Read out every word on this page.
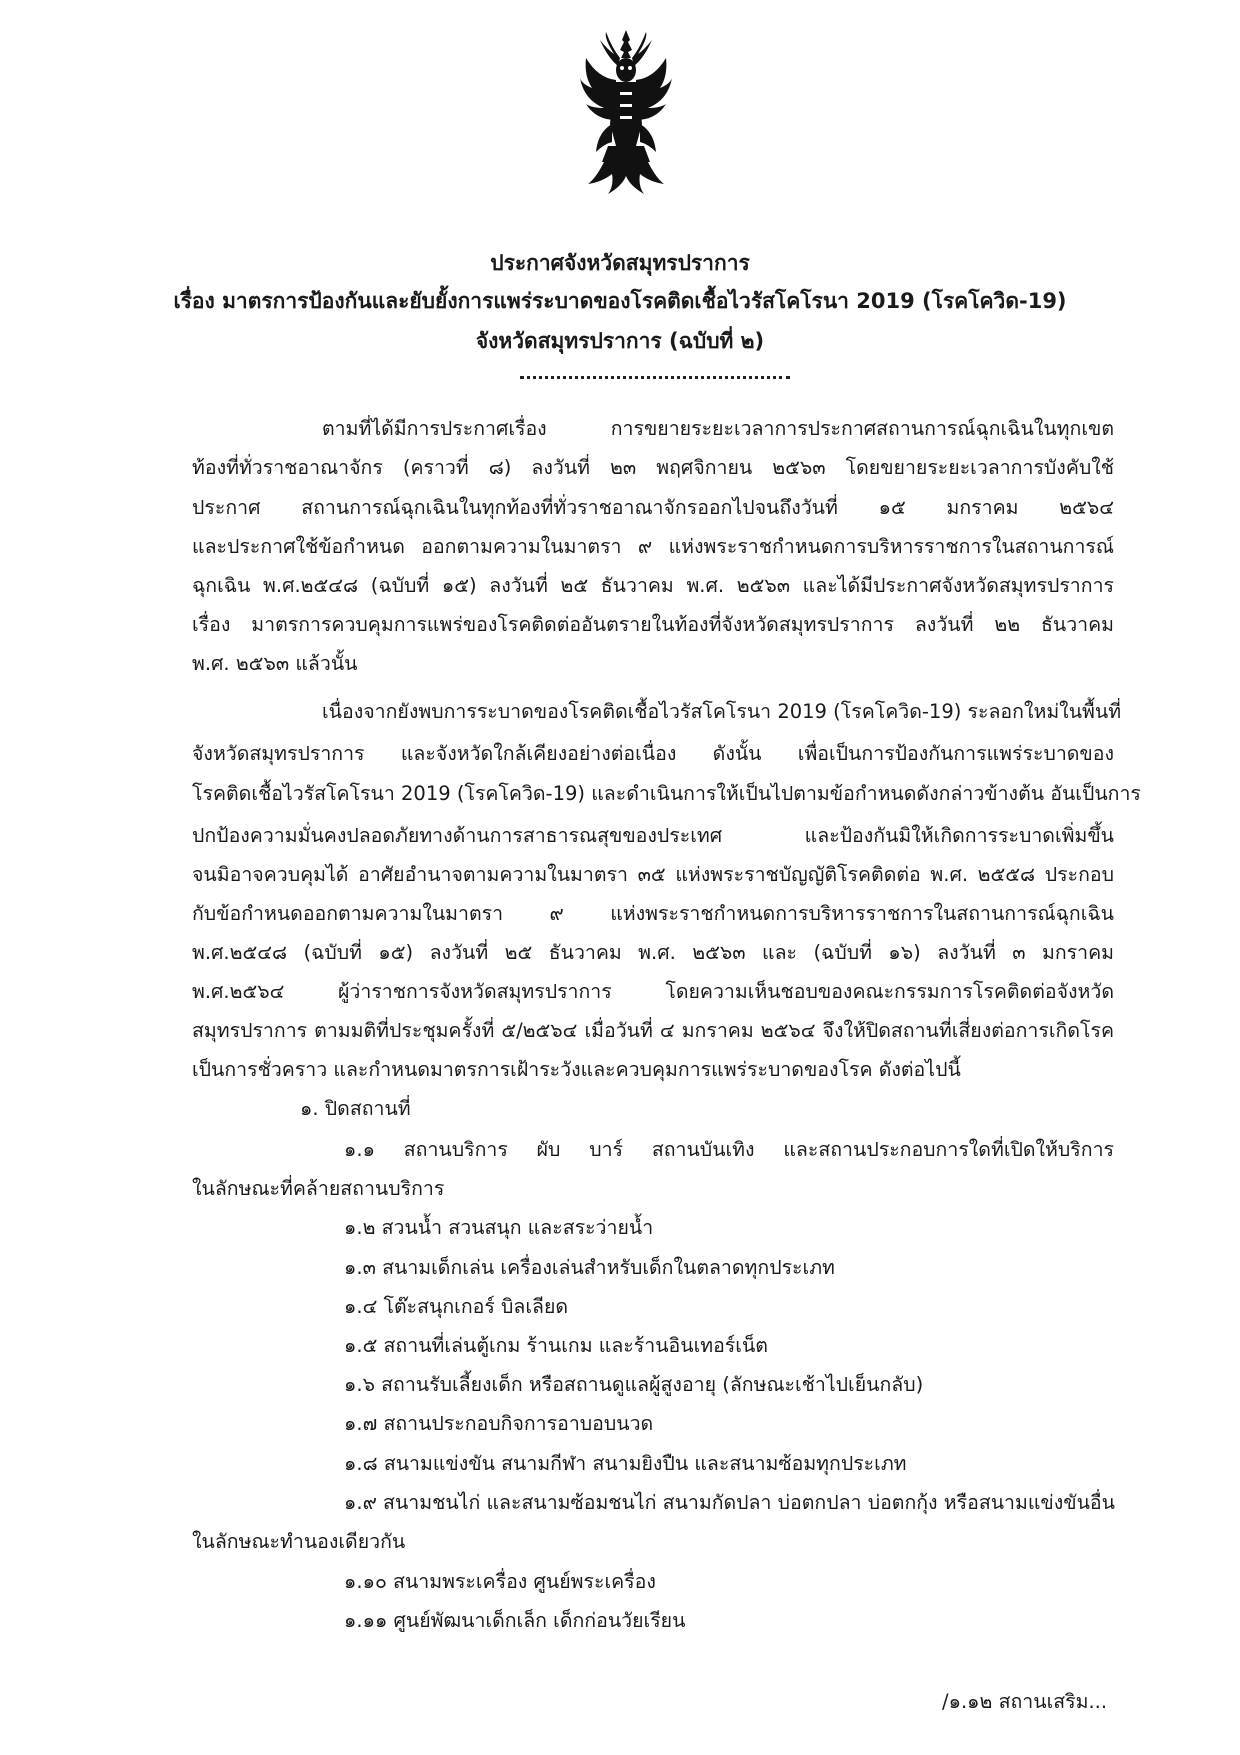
ประกาศจังหวัดสมุทรปราการ
เรื่อง มาตรการป้องกันและยับยั้งการแพร่ระบาดของโรคติดเชื้อไวรัสโคโรนา 2019 (โรคโควิด-19)
จังหวัดสมุทรปราการ (ฉบับที่ ๒)
ตามที่ได้มีการประกาศเรื่อง การขยายระยะเวลาการประกาศสถานการณ์ฉุกเฉินในทุกเขต
ท้องที่ทั่วราชอาณาจักร (คราวที่ ๘) ลงวันที่ ๒๓ พฤศจิกายน ๒๕๖๓ โดยขยายระยะเวลาการบังคับใช้
ประกาศ สถานการณ์ฉุกเฉินในทุกท้องที่ทั่วราชอาณาจักรออกไปจนถึงวันที่ ๑๕ มกราคม ๒๕๖๔
และประกาศใช้ข้อกำหนด ออกตามความในมาตรา ๙ แห่งพระราชกำหนดการบริหารราชการในสถานการณ์
ฉุกเฉิน พ.ศ.๒๕๔๘ (ฉบับที่ ๑๕) ลงวันที่ ๒๕ ธันวาคม พ.ศ. ๒๕๖๓ และได้มีประกาศจังหวัดสมุทรปราการ
เรื่อง มาตรการควบคุมการแพร่ของโรคติดต่ออันตรายในท้องที่จังหวัดสมุทรปราการ ลงวันที่ ๒๒ ธันวาคม
พ.ศ. ๒๕๖๓ แล้วนั้น
เนื่องจากยังพบการระบาดของโรคติดเชื้อไวรัสโคโรนา 2019 (โรคโควิด-19) ระลอกใหม่ในพื้นที่
จังหวัดสมุทรปราการ และจังหวัดใกล้เคียงอย่างต่อเนื่อง ดังนั้น เพื่อเป็นการป้องกันการแพร่ระบาดของ
โรคติดเชื้อไวรัสโคโรนา 2019 (โรคโควิด-19) และดำเนินการให้เป็นไปตามข้อกำหนดดังกล่าวข้างต้น อันเป็นการ
ปกป้องความมั่นคงปลอดภัยทางด้านการสาธารณสุขของประเทศ และป้องกันมิให้เกิดการระบาดเพิ่มขึ้น
จนมิอาจควบคุมได้ อาศัยอำนาจตามความในมาตรา ๓๕ แห่งพระราชบัญญัติโรคติดต่อ พ.ศ. ๒๕๕๘ ประกอบ
กับข้อกำหนดออกตามความในมาตรา ๙ แห่งพระราชกำหนดการบริหารราชการในสถานการณ์ฉุกเฉิน
พ.ศ.๒๕๔๘ (ฉบับที่ ๑๕) ลงวันที่ ๒๕ ธันวาคม พ.ศ. ๒๕๖๓ และ (ฉบับที่ ๑๖) ลงวันที่ ๓ มกราคม
พ.ศ.๒๕๖๔ ผู้ว่าราชการจังหวัดสมุทรปราการ โดยความเห็นชอบของคณะกรรมการโรคติดต่อจังหวัด
สมุทรปราการ ตามมติที่ประชุมครั้งที่ ๕/๒๕๖๔ เมื่อวันที่ ๔ มกราคม ๒๕๖๔ จึงให้ปิดสถานที่เสี่ยงต่อการเกิดโรค
เป็นการชั่วคราว และกำหนดมาตรการเฝ้าระวังและควบคุมการแพร่ระบาดของโรค ดังต่อไปนี้
๑. ปิดสถานที่
๑.๑ สถานบริการ ผับ บาร์ สถานบันเทิง และสถานประกอบการใดที่เปิดให้บริการ
ในลักษณะที่คล้ายสถานบริการ
๑.๒ สวนน้ำ สวนสนุก และสระว่ายน้ำ
๑.๓ สนามเด็กเล่น เครื่องเล่นสำหรับเด็กในตลาดทุกประเภท
๑.๔ โต๊ะสนุกเกอร์ บิลเลียด
๑.๕ สถานที่เล่นตู้เกม ร้านเกม และร้านอินเทอร์เน็ต
๑.๖ สถานรับเลี้ยงเด็ก หรือสถานดูแลผู้สูงอายุ (ลักษณะเช้าไปเย็นกลับ)
๑.๗ สถานประกอบกิจการอาบอบนวด
๑.๘ สนามแข่งขัน สนามกีฬา สนามยิงปืน และสนามซ้อมทุกประเภท
๑.๙ สนามชนไก่ และสนามซ้อมชนไก่ สนามกัดปลา บ่อตกปลา บ่อตกกุ้ง หรือสนามแข่งขันอื่น
ในลักษณะทำนองเดียวกัน
๑.๑๐ สนามพระเครื่อง ศูนย์พระเครื่อง
๑.๑๑ ศูนย์พัฒนาเด็กเล็ก เด็กก่อนวัยเรียน
/๑.๑๒ สถานเสริม...
